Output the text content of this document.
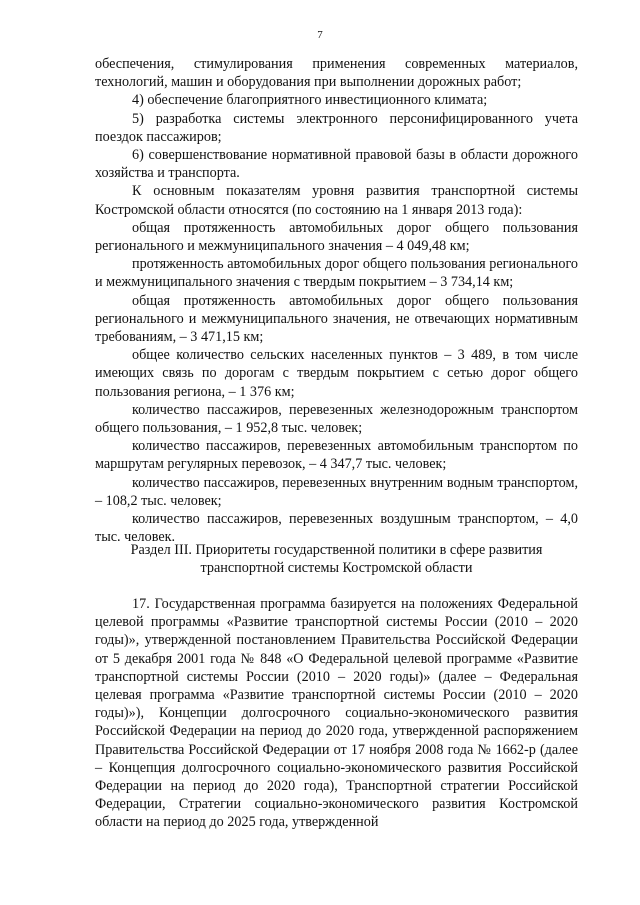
7

обеспечения, стимулирования применения современных материалов, технологий, машин и оборудования при выполнении дорожных работ;

4) обеспечение благоприятного инвестиционного климата;

5) разработка системы электронного персонифицированного учета поездок пассажиров;

6) совершенствование нормативной правовой базы в области дорожного хозяйства и транспорта.

К основным показателям уровня развития транспортной системы Костромской области относятся (по состоянию на 1 января 2013 года):

общая протяженность автомобильных дорог общего пользования регионального и межмуниципального значения – 4 049,48 км;

протяженность автомобильных дорог общего пользования регионального и межмуниципального значения с твердым покрытием – 3 734,14 км;

общая протяженность автомобильных дорог общего пользования регионального и межмуниципального значения, не отвечающих нормативным требованиям, – 3 471,15 км;

общее количество сельских населенных пунктов – 3 489, в том числе имеющих связь по дорогам с твердым покрытием с сетью дорог общего пользования региона, – 1 376 км;

количество пассажиров, перевезенных железнодорожным транспортом общего пользования, – 1 952,8 тыс. человек;

количество пассажиров, перевезенных автомобильным транспортом по маршрутам регулярных перевозок, – 4 347,7 тыс. человек;

количество пассажиров, перевезенных внутренним водным транспортом, – 108,2 тыс. человек;

количество пассажиров, перевезенных воздушным транспортом, – 4,0 тыс. человек.

Раздел III. Приоритеты государственной политики в сфере развития
транспортной системы Костромской области

17. Государственная программа базируется на положениях Федеральной целевой программы «Развитие транспортной системы России (2010 – 2020 годы)», утвержденной постановлением Правительства Российской Федерации от 5 декабря 2001 года № 848 «О Федеральной целевой программе «Развитие транспортной системы России (2010 – 2020 годы)» (далее – Федеральная целевая программа «Развитие транспортной системы России (2010 – 2020 годы)»), Концепции долгосрочного социально-экономического развития Российской Федерации на период до 2020 года, утвержденной распоряжением Правительства Российской Федерации от 17 ноября 2008 года № 1662-р (далее – Концепция долгосрочного социально-экономического развития Российской Федерации на период до 2020 года), Транспортной стратегии Российской Федерации, Стратегии социально-экономического развития Костромской области на период до 2025 года, утвержденной
